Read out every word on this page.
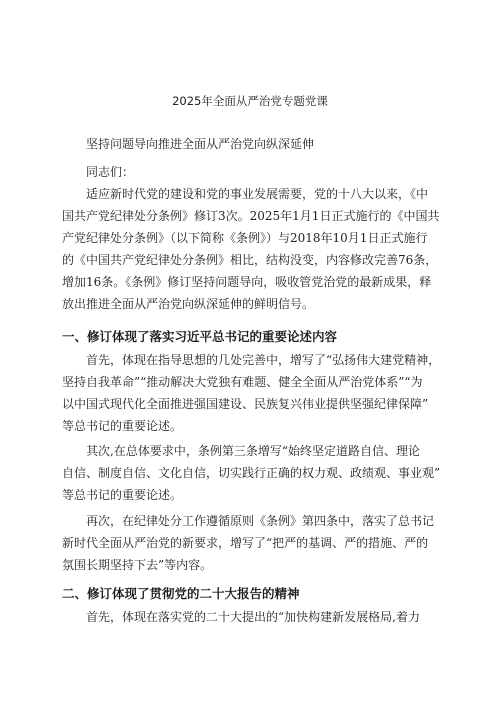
2025年全面从严治党专题党课

坚持问题导向推进全面从严治党向纵深延伸

同志们：

适应新时代党的建设和党的事业发展需要，党的十八大以来，《中

国共产党纪律处分条例》修订3次。2025年1月1日正式施行的《中国共

产党纪律处分条例》（以下简称《条例》）与2018年10月1日正式施行

的《中国共产党纪律处分条例》相比，结构没变，内容修改完善76条，

增加16条。《条例》修订坚持问题导向，吸收管党治党的最新成果，释

放出推进全面从严治党向纵深延伸的鲜明信号。

一、修订体现了落实习近平总书记的重要论述内容

首先，体现在指导思想的几处完善中，增写了“弘扬伟大建党精神，

坚持自我革命”“推动解决大党独有难题、健全全面从严治党体系”“为

以中国式现代化全面推进强国建设、民族复兴伟业提供坚强纪律保障”

等总书记的重要论述。

其次,在总体要求中，条例第三条增写“始终坚定道路自信、理论

自信、制度自信、文化自信，切实践行正确的权力观、政绩观、事业观”

等总书记的重要论述。

再次，在纪律处分工作遵循原则《条例》第四条中，落实了总书记

新时代全面从严治党的新要求，增写了“把严的基调、严的措施、严的

氛围长期坚持下去”等内容。

二、修订体现了贯彻党的二十大报告的精神

首先，体现在落实党的二十大提出的“加快构建新发展格局,着力
